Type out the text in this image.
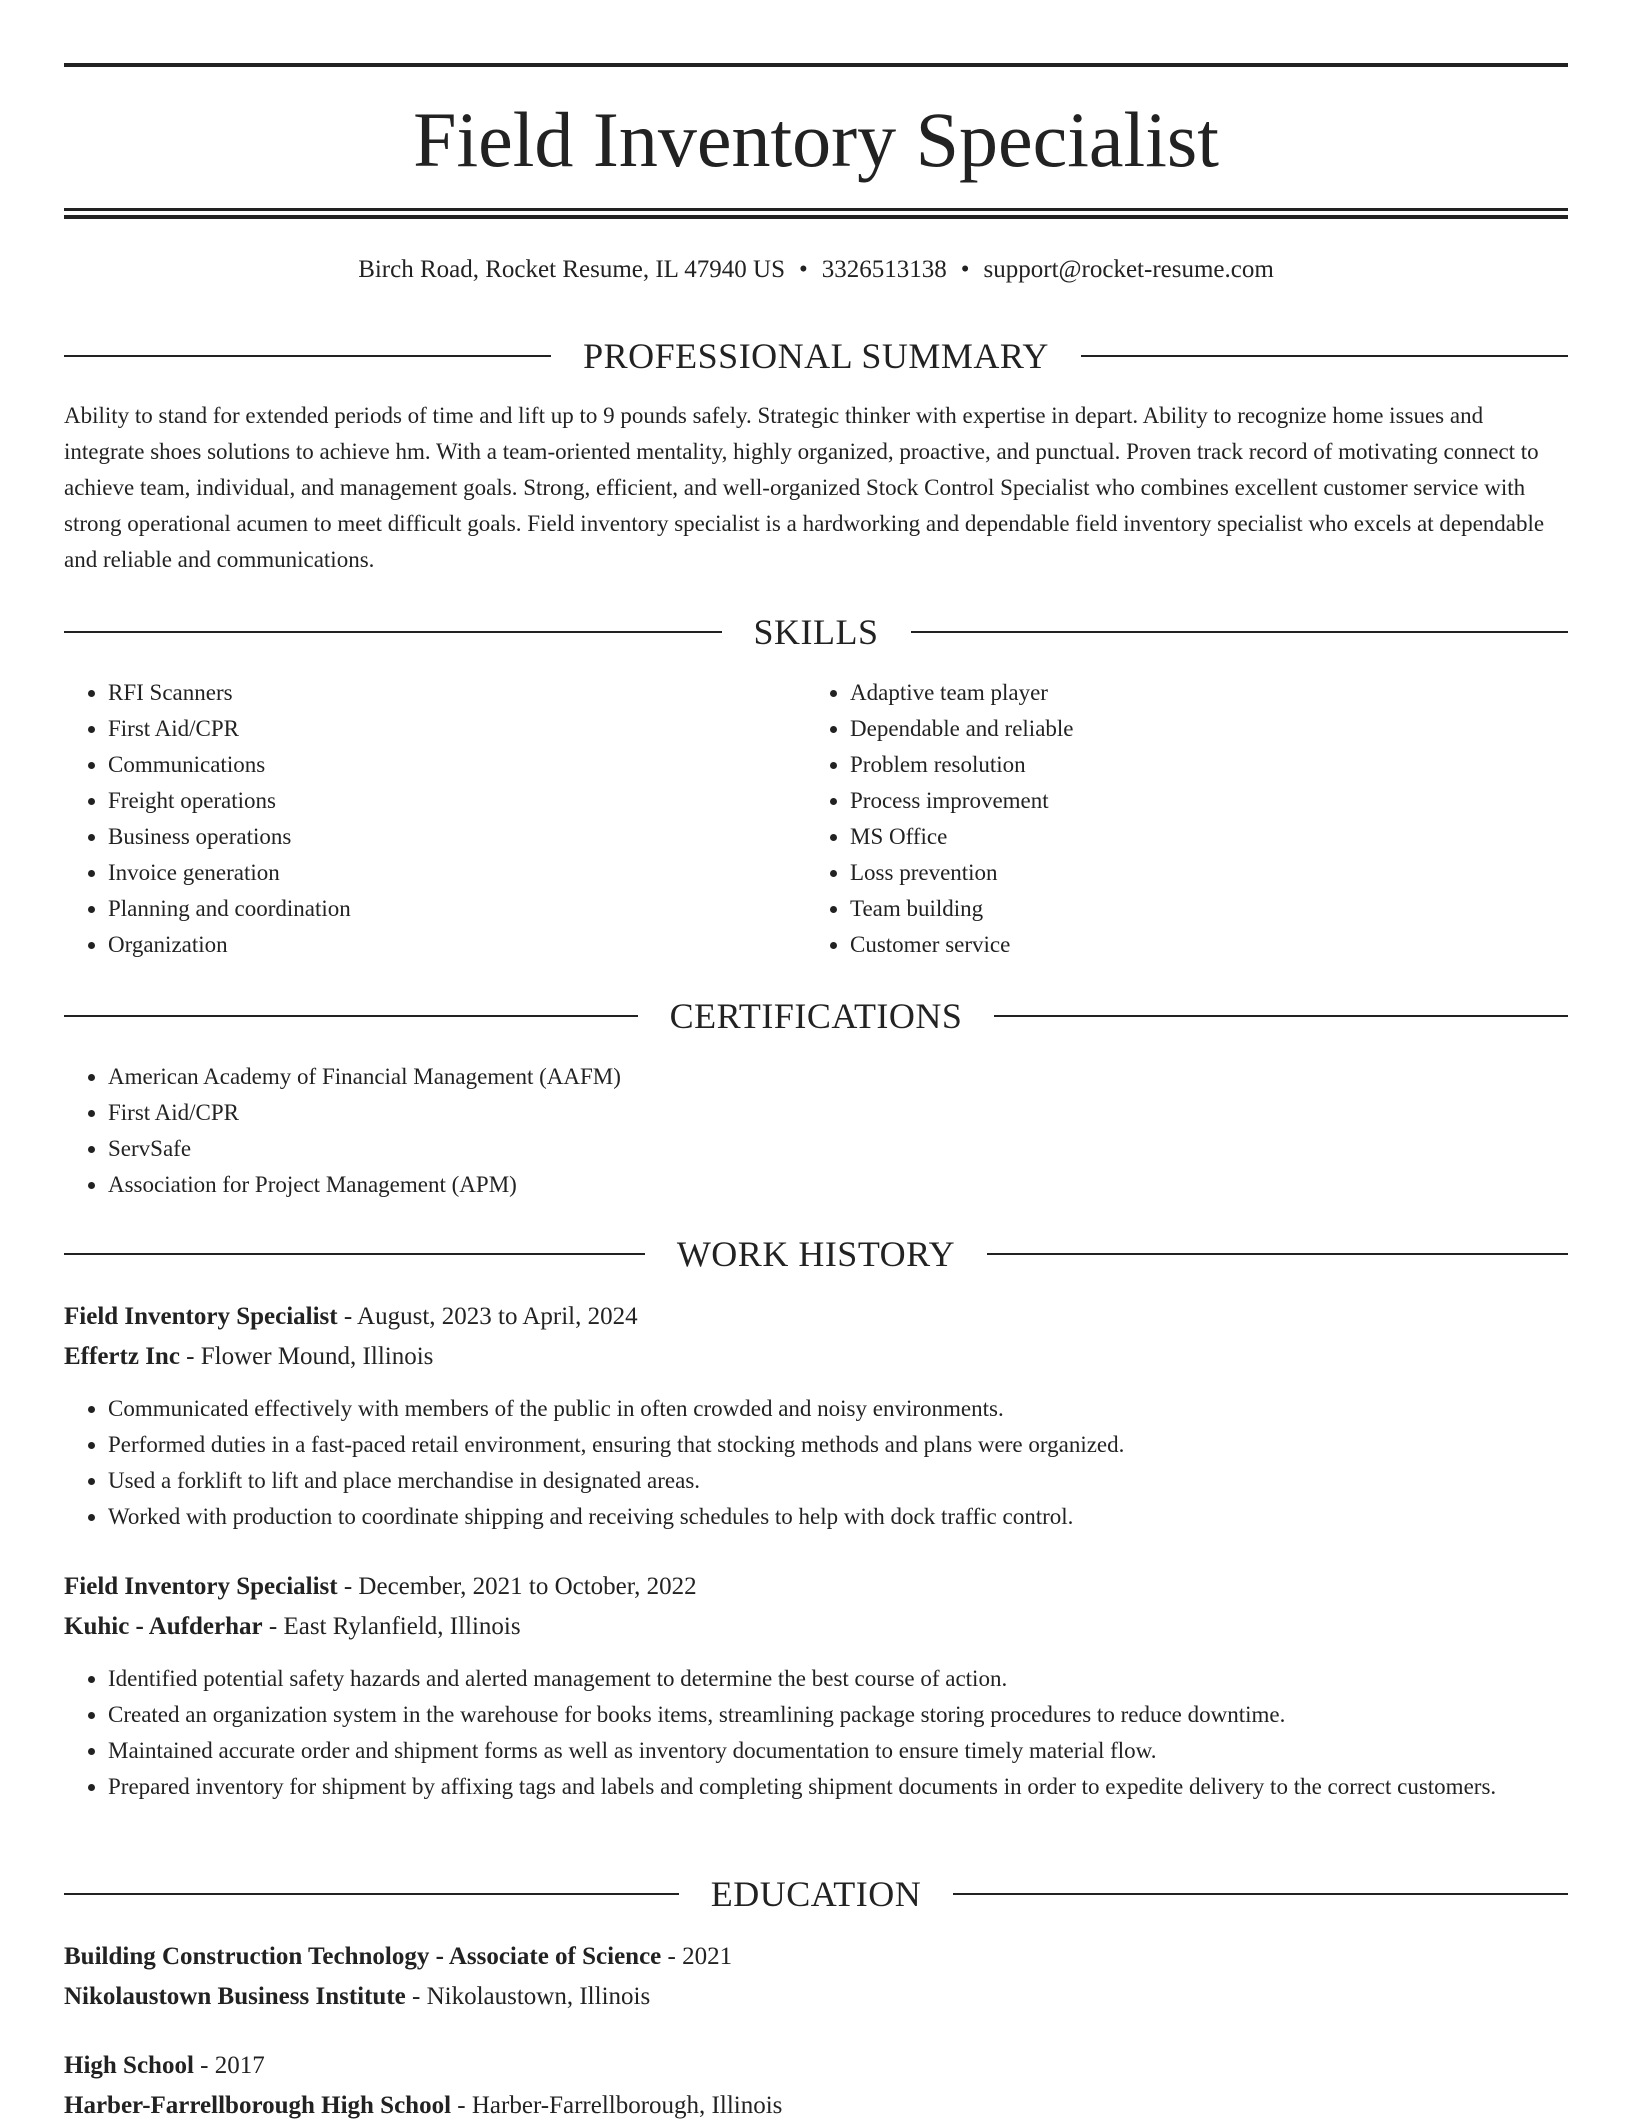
Field Inventory Specialist
Birch Road, Rocket Resume, IL 47940 US • 3326513138 • support@rocket-resume.com
PROFESSIONAL SUMMARY

Ability to stand for extended periods of time and lift up to 9 pounds safely. Strategic thinker with expertise in depart. Ability to recognize home issues and integrate shoes solutions to achieve hm. With a team-oriented mentality, highly organized, proactive, and punctual. Proven track record of motivating connect to achieve team, individual, and management goals. Strong, efficient, and well-organized Stock Control Specialist who combines excellent customer service with strong operational acumen to meet difficult goals. Field inventory specialist is a hardworking and dependable field inventory specialist who excels at dependable and reliable and communications.

SKILLS
• RFI Scanners
• First Aid/CPR
• Communications
• Freight operations
• Business operations
• Invoice generation
• Planning and coordination
• Organization
• Adaptive team player
• Dependable and reliable
• Problem resolution
• Process improvement
• MS Office
• Loss prevention
• Team building
• Customer service
CERTIFICATIONS
• American Academy of Financial Management (AAFM)
• First Aid/CPR
• ServSafe
• Association for Project Management (APM)
WORK HISTORY
Field Inventory Specialist - August, 2023 to April, 2024
Effertz Inc - Flower Mound, Illinois
• Communicated effectively with members of the public in often crowded and noisy environments.
• Performed duties in a fast-paced retail environment, ensuring that stocking methods and plans were organized.
• Used a forklift to lift and place merchandise in designated areas.
• Worked with production to coordinate shipping and receiving schedules to help with dock traffic control.
Field Inventory Specialist - December, 2021 to October, 2022
Kuhic - Aufderhar - East Rylanfield, Illinois
• Identified potential safety hazards and alerted management to determine the best course of action.
• Created an organization system in the warehouse for books items, streamlining package storing procedures to reduce downtime.
• Maintained accurate order and shipment forms as well as inventory documentation to ensure timely material flow.
• Prepared inventory for shipment by affixing tags and labels and completing shipment documents in order to expedite delivery to the correct customers.
EDUCATION
Building Construction Technology - Associate of Science - 2021
Nikolaustown Business Institute - Nikolaustown, Illinois
High School - 2017
Harber-Farrellborough High School - Harber-Farrellborough, Illinois
